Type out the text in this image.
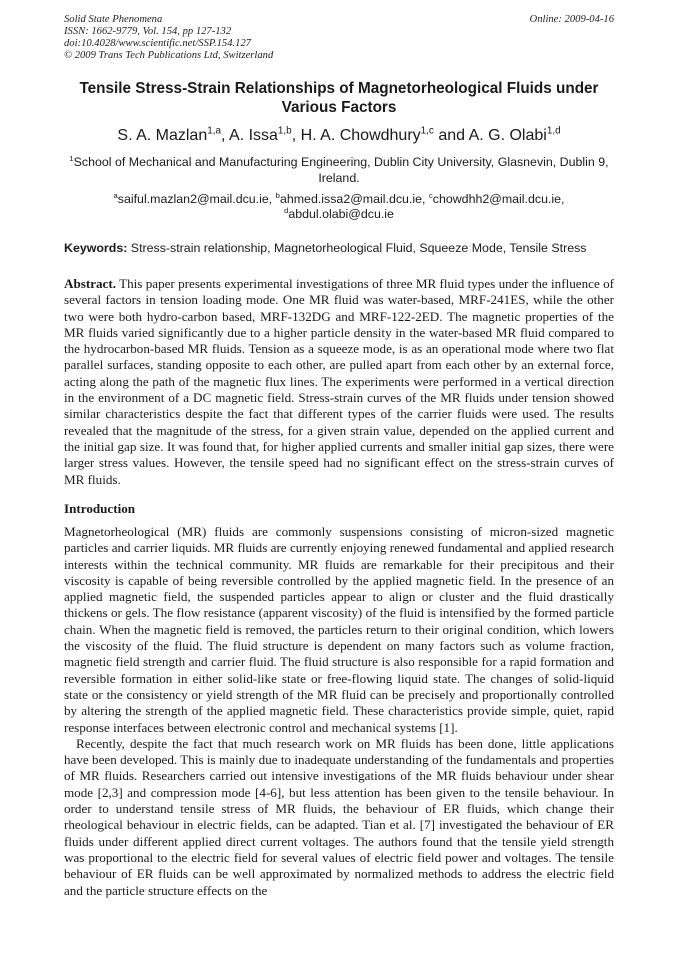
Solid State Phenomena
ISSN: 1662-9779, Vol. 154, pp 127-132
doi:10.4028/www.scientific.net/SSP.154.127
© 2009 Trans Tech Publications Ltd, Switzerland
Online: 2009-04-16
Tensile Stress-Strain Relationships of Magnetorheological Fluids under Various Factors
S. A. Mazlan$^{1,a}$, A. Issa$^{1,b}$, H. A. Chowdhury$^{1,c}$ and A. G. Olabi$^{1,d}$
$^1$School of Mechanical and Manufacturing Engineering, Dublin City University, Glasnevin, Dublin 9, Ireland.
$^a$saiful.mazlan2@mail.dcu.ie, $^b$ahmed.issa2@mail.dcu.ie, $^c$chowdhh2@mail.dcu.ie,
$^d$abdul.olabi@dcu.ie
Keywords: Stress-strain relationship, Magnetorheological Fluid, Squeeze Mode, Tensile Stress
Abstract. This paper presents experimental investigations of three MR fluid types under the influence of several factors in tension loading mode. One MR fluid was water-based, MRF-241ES, while the other two were both hydro-carbon based, MRF-132DG and MRF-122-2ED. The magnetic properties of the MR fluids varied significantly due to a higher particle density in the water-based MR fluid compared to the hydrocarbon-based MR fluids. Tension as a squeeze mode, is as an operational mode where two flat parallel surfaces, standing opposite to each other, are pulled apart from each other by an external force, acting along the path of the magnetic flux lines. The experiments were performed in a vertical direction in the environment of a DC magnetic field. Stress-strain curves of the MR fluids under tension showed similar characteristics despite the fact that different types of the carrier fluids were used. The results revealed that the magnitude of the stress, for a given strain value, depended on the applied current and the initial gap size. It was found that, for higher applied currents and smaller initial gap sizes, there were larger stress values. However, the tensile speed had no significant effect on the stress-strain curves of MR fluids.
Introduction

Magnetorheological (MR) fluids are commonly suspensions consisting of micron-sized magnetic particles and carrier liquids. MR fluids are currently enjoying renewed fundamental and applied research interests within the technical community. MR fluids are remarkable for their precipitous and their viscosity is capable of being reversible controlled by the applied magnetic field. In the presence of an applied magnetic field, the suspended particles appear to align or cluster and the fluid drastically thickens or gels. The flow resistance (apparent viscosity) of the fluid is intensified by the formed particle chain. When the magnetic field is removed, the particles return to their original condition, which lowers the viscosity of the fluid. The fluid structure is dependent on many factors such as volume fraction, magnetic field strength and carrier fluid. The fluid structure is also responsible for a rapid formation and reversible formation in either solid-like state or free-flowing liquid state. The changes of solid-liquid state or the consistency or yield strength of the MR fluid can be precisely and proportionally controlled by altering the strength of the applied magnetic field. These characteristics provide simple, quiet, rapid response interfaces between electronic control and mechanical systems [1].

Recently, despite the fact that much research work on MR fluids has been done, little applications have been developed. This is mainly due to inadequate understanding of the fundamentals and properties of MR fluids. Researchers carried out intensive investigations of the MR fluids behaviour under shear mode [2,3] and compression mode [4-6], but less attention has been given to the tensile behaviour. In order to understand tensile stress of MR fluids, the behaviour of ER fluids, which change their rheological behaviour in electric fields, can be adapted. Tian et al. [7] investigated the behaviour of ER fluids under different applied direct current voltages. The authors found that the tensile yield strength was proportional to the electric field for several values of electric field power and voltages. The tensile behaviour of ER fluids can be well approximated by normalized methods to address the electric field and the particle structure effects on the
